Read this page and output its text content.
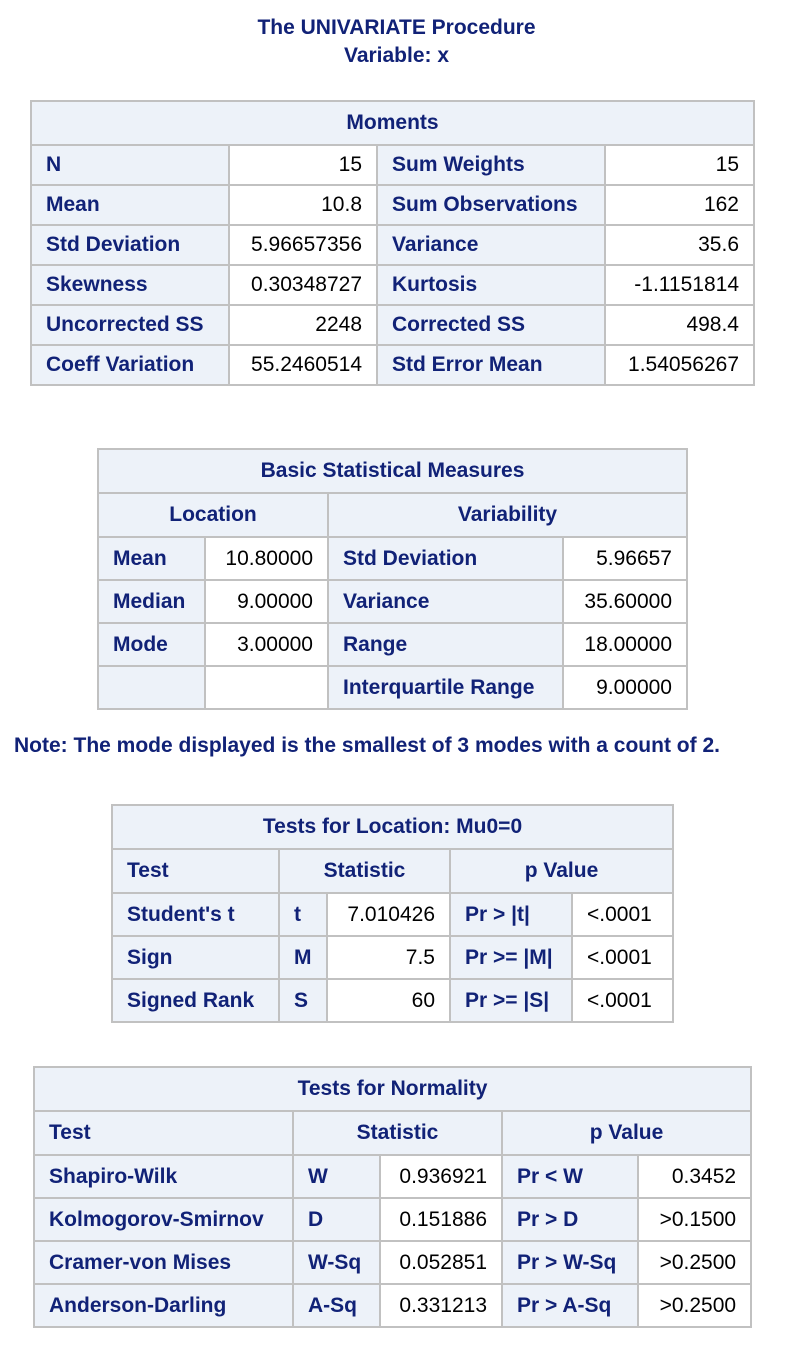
The UNIVARIATE Procedure
Variable: x
Moments			
N	15	Sum Weights	15
Mean	10.8	Sum Observations	162
Std Deviation	5.96657356	Variance	35.6
Skewness	0.30348727	Kurtosis	-1.1151814
Uncorrected SS	2248	Corrected SS	498.4
Coeff Variation	55.2460514	Std Error Mean	1.54056267
Basic Statistical Measures			
Location		Variability	
Mean	10.80000	Std Deviation	5.96657
Median	9.00000	Variance	35.60000
Mode	3.00000	Range	18.00000
		Interquartile Range	9.00000
Note: The mode displayed is the smallest of 3 modes with a count of 2.
Tests for Location: Mu0=0				
Test	Statistic		p Value	
Student's t	t	7.010426	Pr > |t|	<.0001
Sign	M	7.5	Pr >= |M|	<.0001
Signed Rank	S	60	Pr >= |S|	<.0001
Tests for Normality				
Test	Statistic		p Value	
Shapiro-Wilk	W	0.936921	Pr < W	0.3452
Kolmogorov-Smirnov	D	0.151886	Pr > D	>0.1500
Cramer-von Mises	W-Sq	0.052851	Pr > W-Sq	>0.2500
Anderson-Darling	A-Sq	0.331213	Pr > A-Sq	>0.2500
